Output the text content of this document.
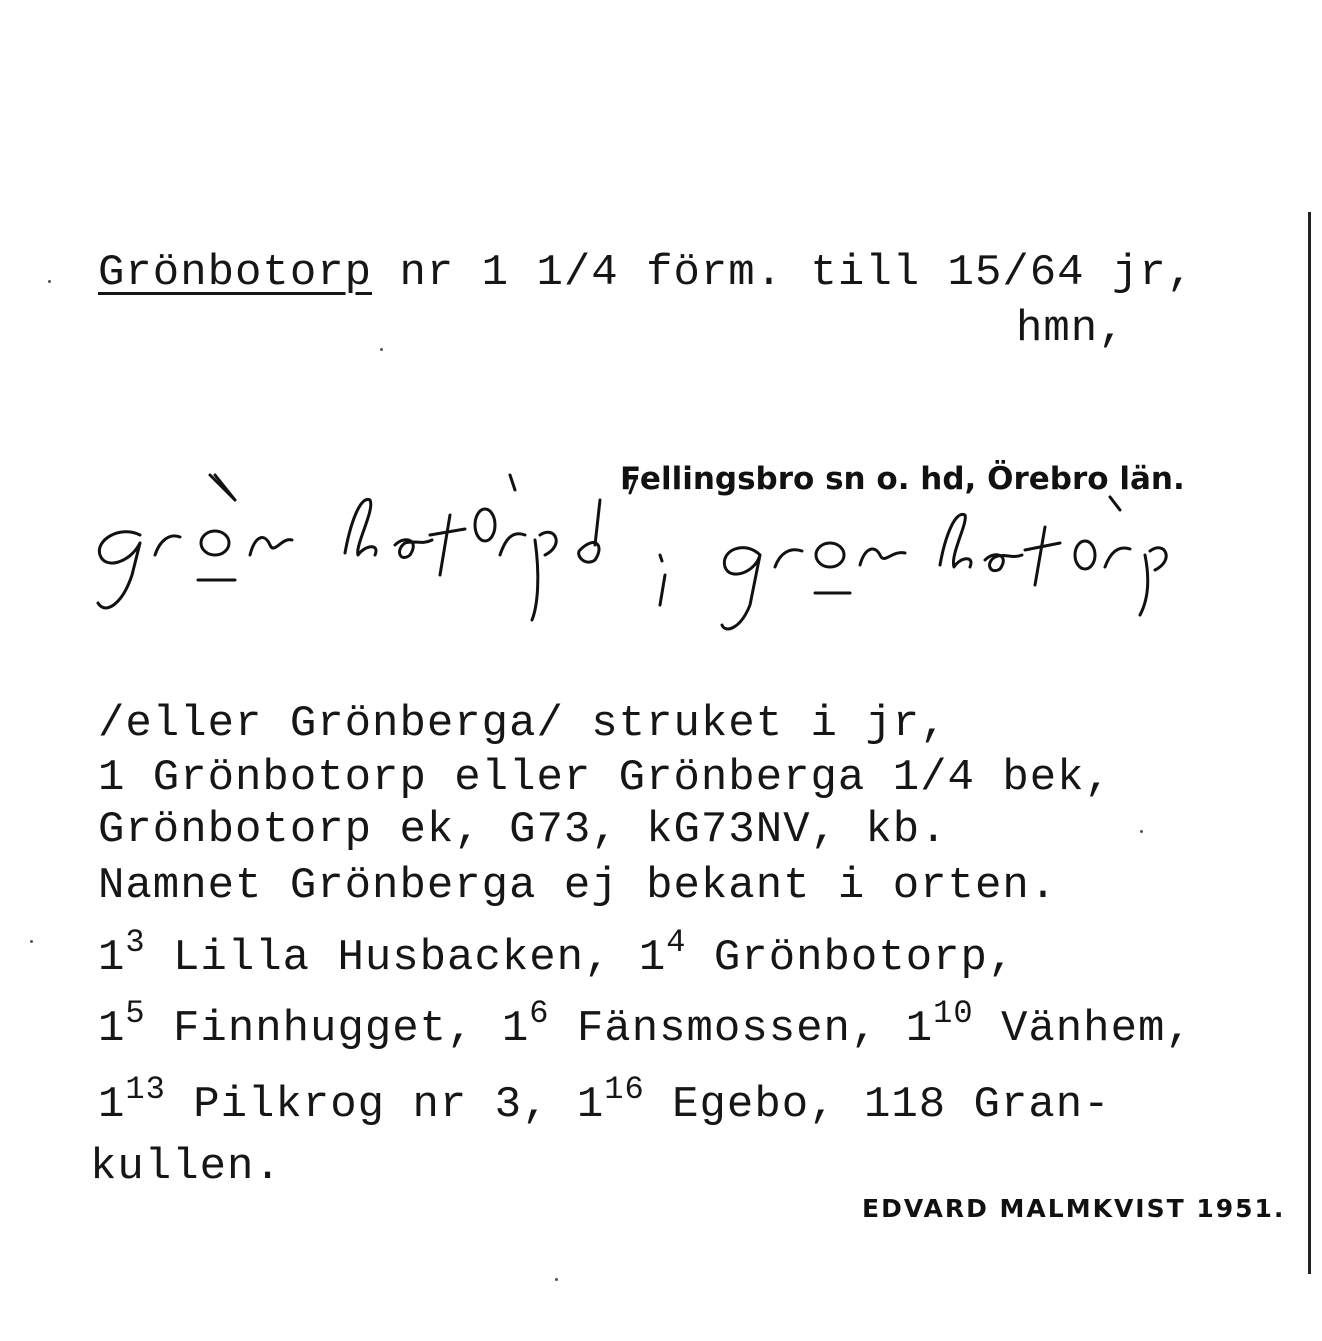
Grönbotorp nr 1 1/4 förm. till 15/64 jr,
hmn,
Fellingsbro sn o. hd, Örebro län.
/eller Grönberga/ struket i jr,
1 Grönbotorp eller Grönberga 1/4 bek,
Grönbotorp ek, G73, kG73NV, kb.
Namnet Grönberga ej bekant i orten.
$1^3$ Lilla Husbacken, $1^4$ Grönbotorp,
$1^5$ Finnhugget, $1^6$ Fänsmossen, $1^{10}$ Vänhem,
$1^{13}$ Pilkrog nr 3, $1^{16}$ Egebo, 118 Gran-
kullen.
EDVARD MALMKVIST 1951.
